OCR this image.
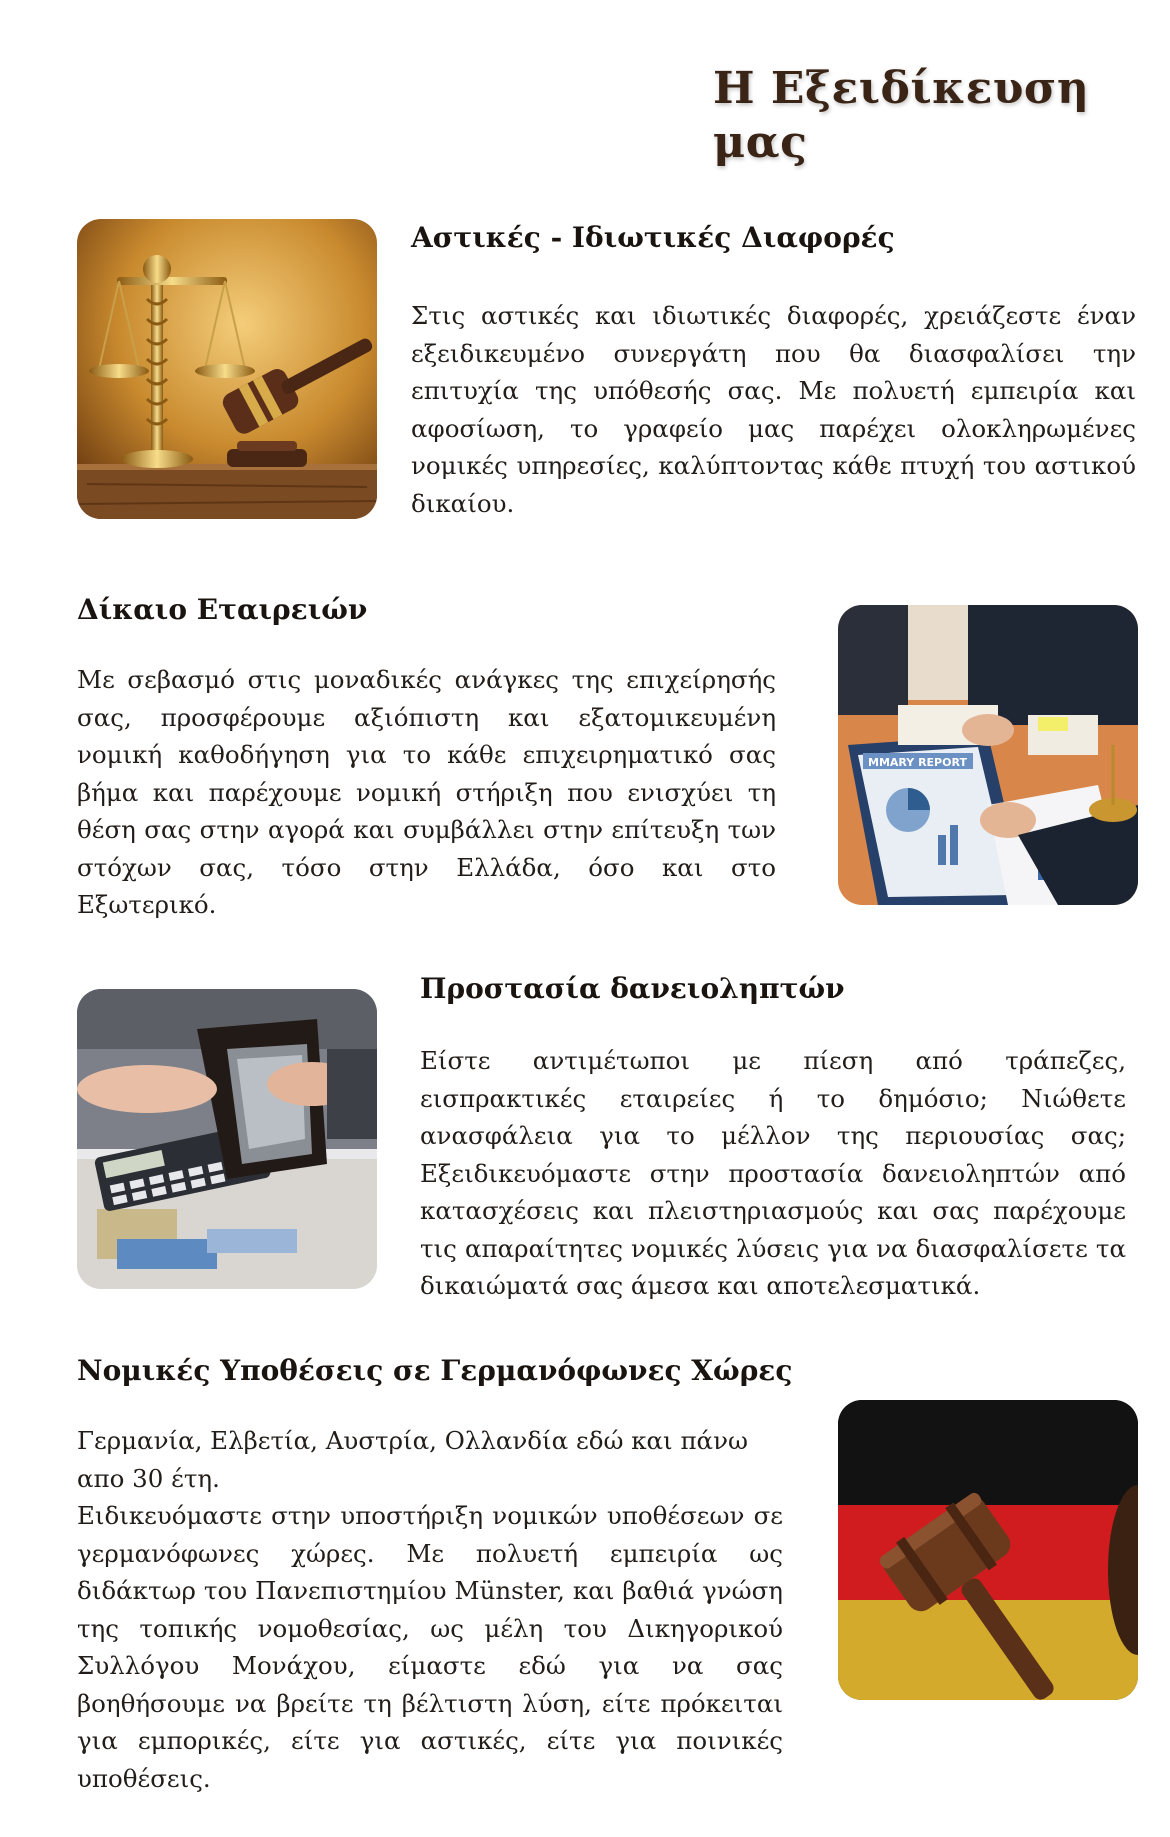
Η Εξειδίκευση μας
Αστικές - Ιδιωτικές Διαφορές

Στις αστικές και ιδιωτικές διαφορές, χρειάζεστε έναν εξειδικευμένο συνεργάτη που θα διασφαλίσει την επιτυχία της υπόθεσής σας. Με πολυετή εμπειρία και αφοσίωση, το γραφείο μας παρέχει ολοκληρωμένες νομικές υπηρεσίες, καλύπτοντας κάθε πτυχή του αστικού δικαίου.

Δίκαιο Εταιρειών

Με σεβασμό στις μοναδικές ανάγκες της επιχείρησής σας, προσφέρουμε αξιόπιστη και εξατομικευμένη νομική καθοδήγηση για το κάθε επιχειρηματικό σας βήμα και παρέχουμε νομική στήριξη που ενισχύει τη θέση σας στην αγορά και συμβάλλει στην επίτευξη των στόχων σας, τόσο στην Ελλάδα, όσο και στο Εξωτερικό.

MMARY REPORT
Προστασία δανειοληπτών

Είστε αντιμέτωποι με πίεση από τράπεζες, εισπρακτικές εταιρείες ή το δημόσιο; Νιώθετε ανασφάλεια για το μέλλον της περιουσίας σας; Εξειδικευόμαστε στην προστασία δανειοληπτών από κατασχέσεις και πλειστηριασμούς και σας παρέχουμε τις απαραίτητες νομικές λύσεις για να διασφαλίσετε τα δικαιώματά σας άμεσα και αποτελεσματικά.

Νομικές Υποθέσεις σε Γερμανόφωνες Χώρες

Γερμανία, Ελβετία, Αυστρία, Ολλανδία εδώ και πάνω απο 30 έτη.

Ειδικευόμαστε στην υποστήριξη νομικών υποθέσεων σε γερμανόφωνες χώρες. Με πολυετή εμπειρία ως διδάκτωρ του Πανεπιστημίου Münster, και βαθιά γνώση της τοπικής νομοθεσίας, ως μέλη του Δικηγορικού Συλλόγου Μονάχου, είμαστε εδώ για να σας βοηθήσουμε να βρείτε τη βέλτιστη λύση, είτε πρόκειται για εμπορικές, είτε για αστικές, είτε για ποινικές υποθέσεις.
